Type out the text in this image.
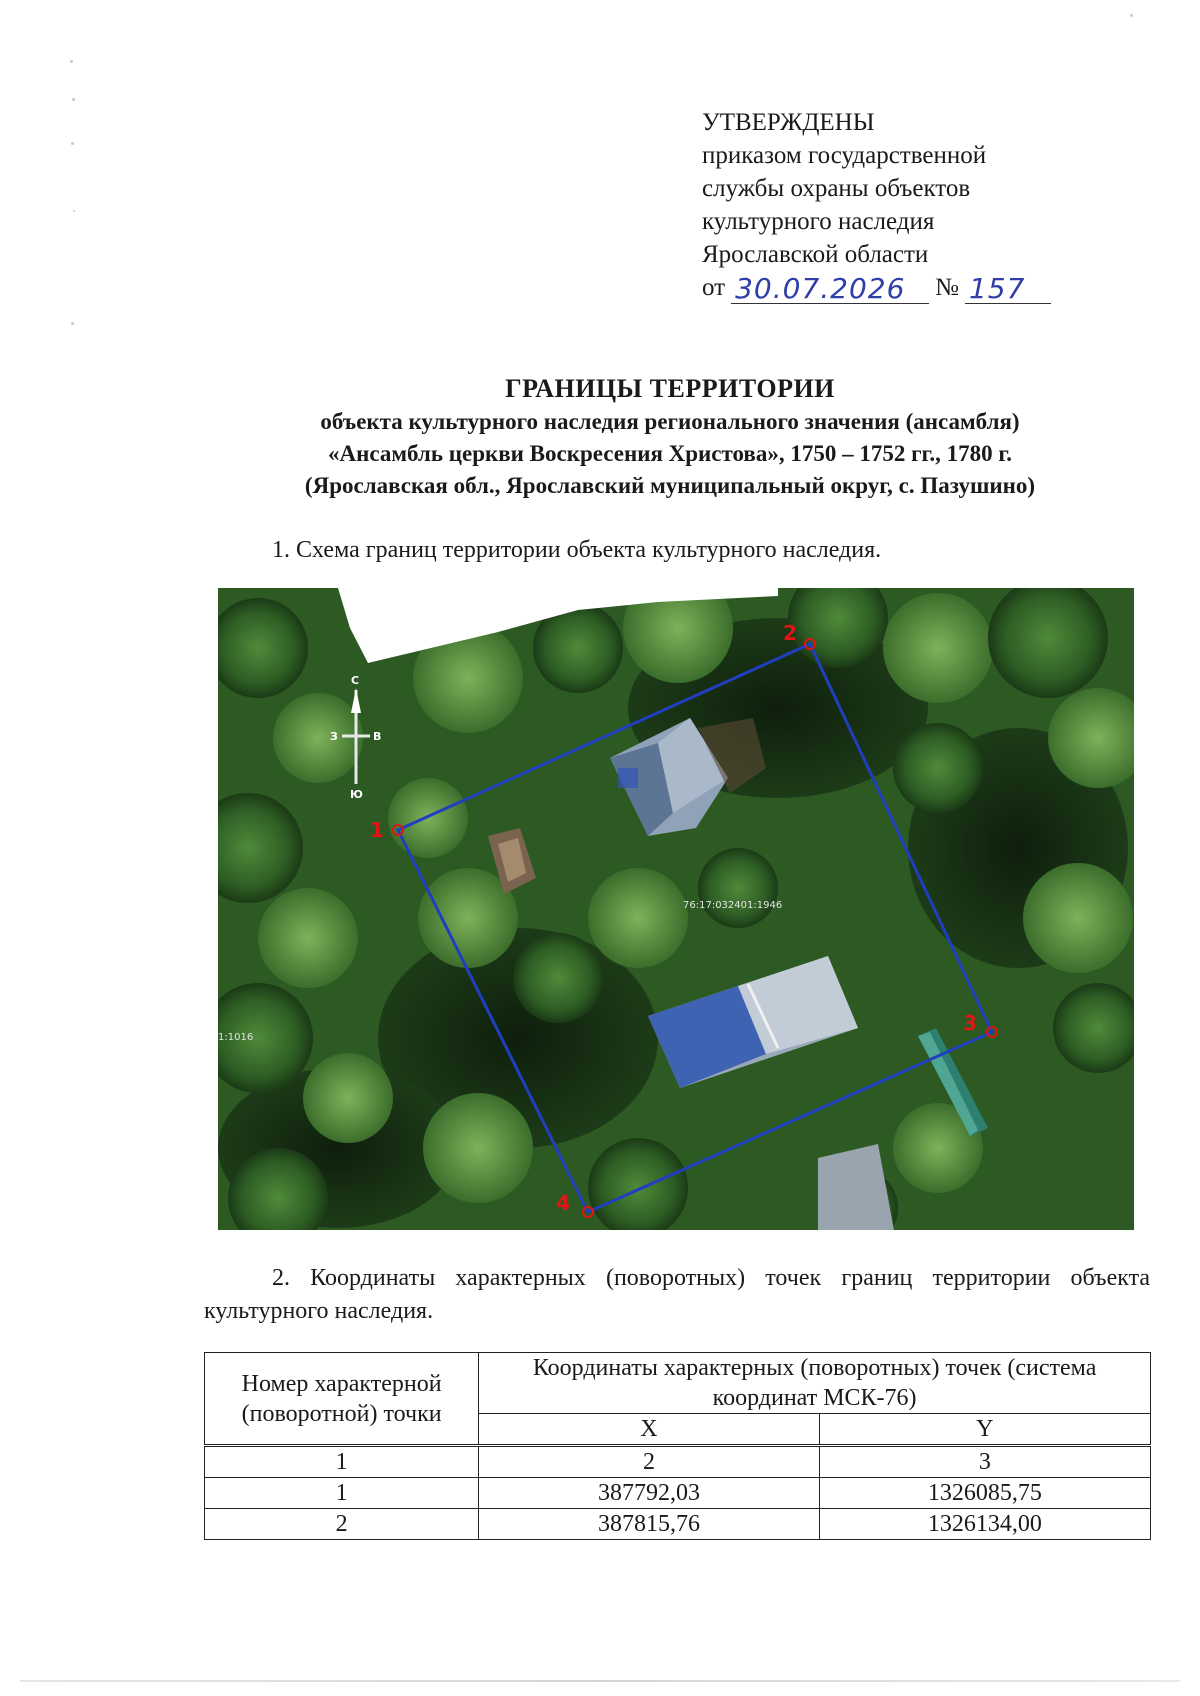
УТВЕРЖДЕНЫ
приказом государственной
службы охраны объектов
культурного наследия
Ярославской области
от 30.07.2026	№ 157
ГРАНИЦЫ ТЕРРИТОРИИ
объекта культурного наследия регионального значения (ансамбля)
«Ансамбль церкви Воскресения Христова», 1750 – 1752 гг., 1780 г.
(Ярославская обл., Ярославский муниципальный округ, с. Пазушино)
1. Схема границ территории объекта культурного наследия.
76:17:032401:1946
1:1016
С
З	В
Ю
1
2
3
4
2. Координаты характерных (поворотных) точек границ территории объекта культурного наследия.
Номер характерной (поворотной) точки	Координаты характерных (поворотных) точек (система координат МСК-76)	
	X	Y
1	2	3
1	387792,03	1326085,75
2	387815,76	1326134,00
